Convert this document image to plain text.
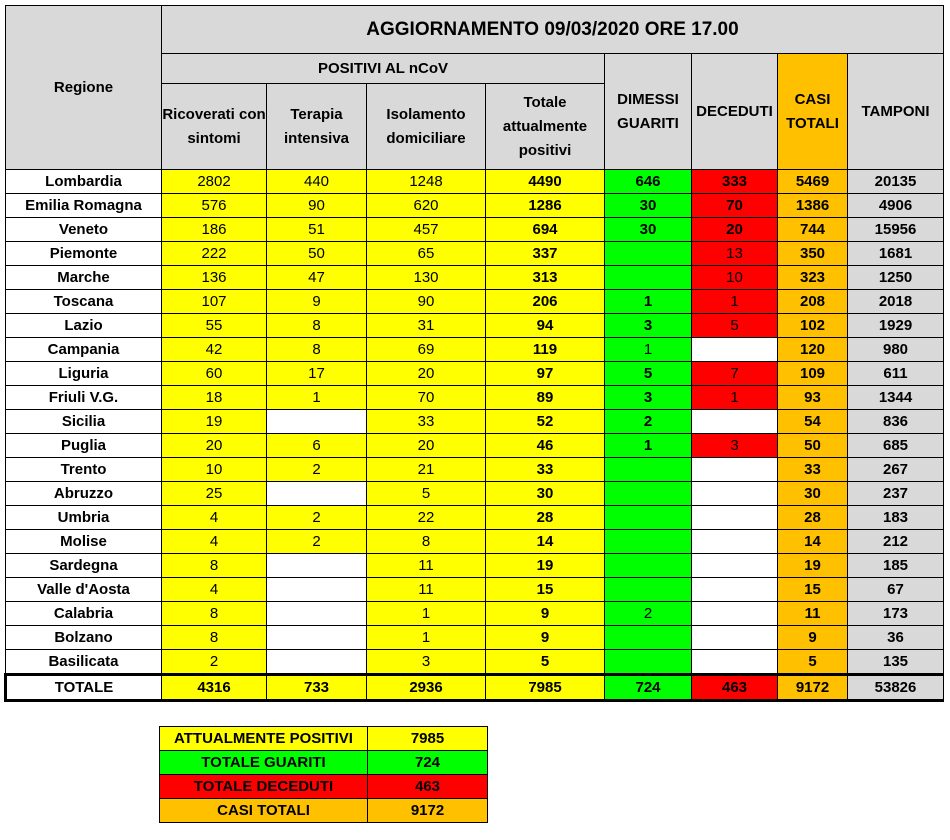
Regione	AGGIORNAMENTO 09/03/2020 ORE 17.00							
	POSITIVI AL nCoV				DIMESSI GUARITI	DECEDUTI	CASI TOTALI	TAMPONI
	Ricoverati con sintomi	Terapia intensiva	Isolamento domiciliare	Totale attualmente positivi				
Lombardia	2802	440	1248	4490	646	333	5469	20135
Emilia Romagna	576	90	620	1286	30	70	1386	4906
Veneto	186	51	457	694	30	20	744	15956
Piemonte	222	50	65	337		13	350	1681
Marche	136	47	130	313		10	323	1250
Toscana	107	9	90	206	1	1	208	2018
Lazio	55	8	31	94	3	5	102	1929
Campania	42	8	69	119	1		120	980
Liguria	60	17	20	97	5	7	109	611
Friuli V.G.	18	1	70	89	3	1	93	1344
Sicilia	19		33	52	2		54	836
Puglia	20	6	20	46	1	3	50	685
Trento	10	2	21	33			33	267
Abruzzo	25		5	30			30	237
Umbria	4	2	22	28			28	183
Molise	4	2	8	14			14	212
Sardegna	8		11	19			19	185
Valle d'Aosta	4		11	15			15	67
Calabria	8		1	9	2		11	173
Bolzano	8		1	9			9	36
Basilicata	2		3	5			5	135
TOTALE	4316	733	2936	7985	724	463	9172	53826
ATTUALMENTE POSITIVI	7985
TOTALE GUARITI	724
TOTALE DECEDUTI	463
CASI TOTALI	9172
